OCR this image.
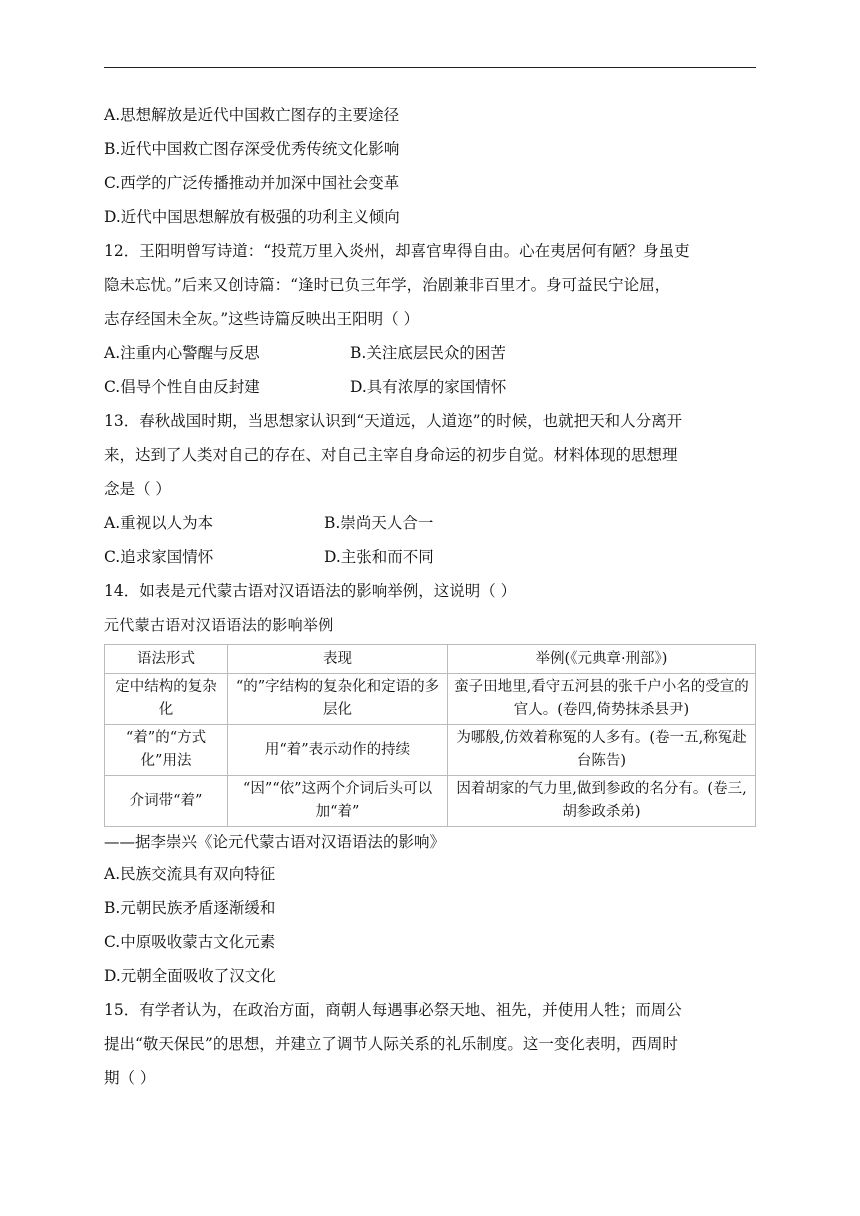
A.思想解放是近代中国救亡图存的主要途径
B.近代中国救亡图存深受优秀传统文化影响
C.西学的广泛传播推动并加深中国社会变革
D.近代中国思想解放有极强的功利主义倾向
12．王阳明曾写诗道：“投荒万里入炎州，却喜官卑得自由。心在夷居何有陋？身虽吏
隐未忘忧。”后来又创诗篇：“逢时已负三年学，治剧兼非百里才。身可益民宁论屈，
志存经国未全灰。”这些诗篇反映出王阳明（ ）
A.注重内心警醒与反思	B.关注底层民众的困苦
C.倡导个性自由反封建	D.具有浓厚的家国情怀
13．春秋战国时期，当思想家认识到“天道远，人道迩”的时候，也就把天和人分离开
来，达到了人类对自己的存在、对自己主宰自身命运的初步自觉。材料体现的思想理
念是（ ）
A.重视以人为本	B.崇尚天人合一
C.追求家国情怀	D.主张和而不同
14．如表是元代蒙古语对汉语语法的影响举例，这说明（ ）
元代蒙古语对汉语语法的影响举例
语法形式	表现	举例(《元典章·刑部》)
定中结构的复杂化	“的”字结构的复杂化和定语的多层化	蛮子田地里,看守五河县的张千户小名的受宣的官人。(卷四,倚势抹杀县尹)
“着”的“方式化”用法	用“着”表示动作的持续	为哪般,仿效着称冤的人多有。(卷一五,称冤赴台陈告)
介词带“着”	“因”“依”这两个介词后头可以加“着”	因着胡家的气力里,做到参政的名分有。(卷三,胡参政杀弟)
——据李崇兴《论元代蒙古语对汉语语法的影响》
A.民族交流具有双向特征
B.元朝民族矛盾逐渐缓和
C.中原吸收蒙古文化元素
D.元朝全面吸收了汉文化
15．有学者认为，在政治方面，商朝人每遇事必祭天地、祖先，并使用人牲；而周公
提出“敬天保民”的思想，并建立了调节人际关系的礼乐制度。这一变化表明，西周时
期（ ）
